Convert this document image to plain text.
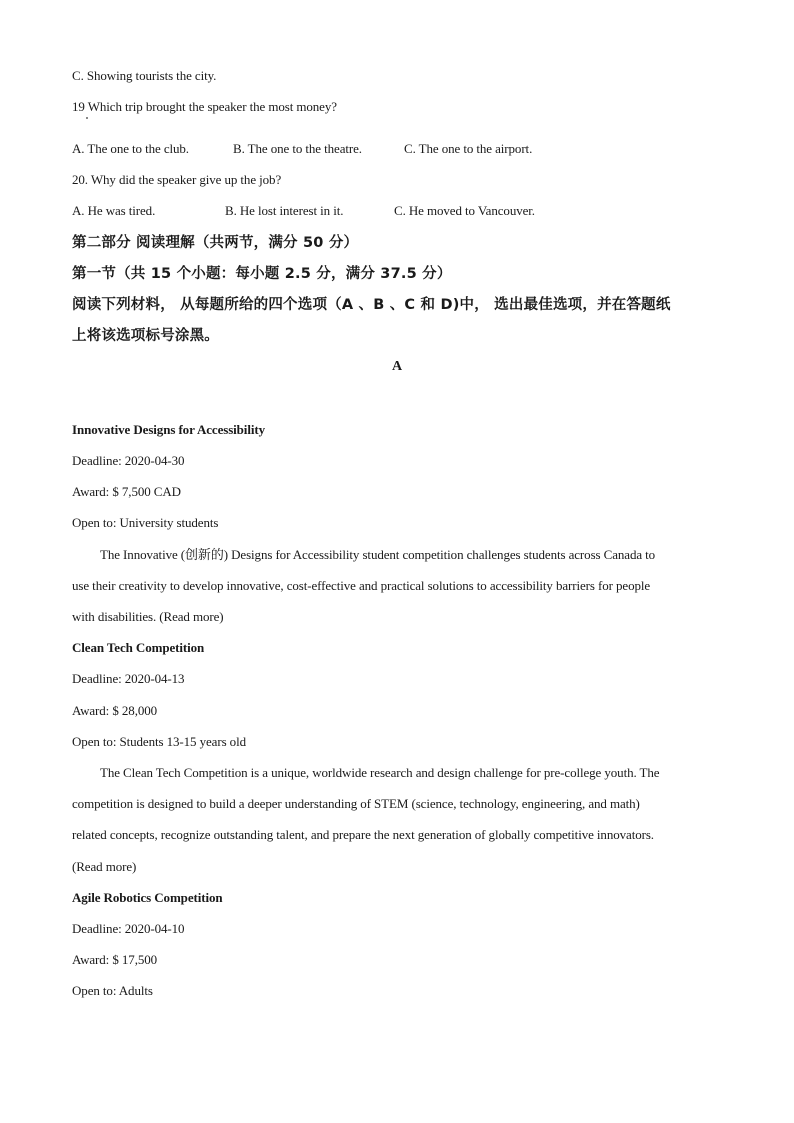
C. Showing tourists the city.
19 Which trip brought the speaker the most money?
A. The one to the club.	B. The one to the theatre.	C. The one to the airport.
20. Why did the speaker give up the job?
A. He was tired.	B. He lost interest in it.	C. He moved to Vancouver.
第二部分 阅读理解（共两节，满分 50 分）
第一节（共 15 个小题：每小题 2.5 分，满分 37.5 分）
阅读下列材料， 从每题所给的四个选项（A 、B 、C 和 D)中， 选出最佳选项，并在答题纸
上将该选项标号涂黑。
A
Innovative Designs for Accessibility
Deadline: 2020-04-30
Award: $ 7,500 CAD
Open to: University students
The Innovative (创新的) Designs for Accessibility student competition challenges students across Canada to
use their creativity to develop innovative, cost-effective and practical solutions to accessibility barriers for people
with disabilities. (Read more)
Clean Tech Competition
Deadline: 2020-04-13
Award: $ 28,000
Open to: Students 13-15 years old
The Clean Tech Competition is a unique, worldwide research and design challenge for pre-college youth. The
competition is designed to build a deeper understanding of STEM (science, technology, engineering, and math)
related concepts, recognize outstanding talent, and prepare the next generation of globally competitive innovators.
(Read more)
Agile Robotics Competition
Deadline: 2020-04-10
Award: $ 17,500
Open to: Adults
